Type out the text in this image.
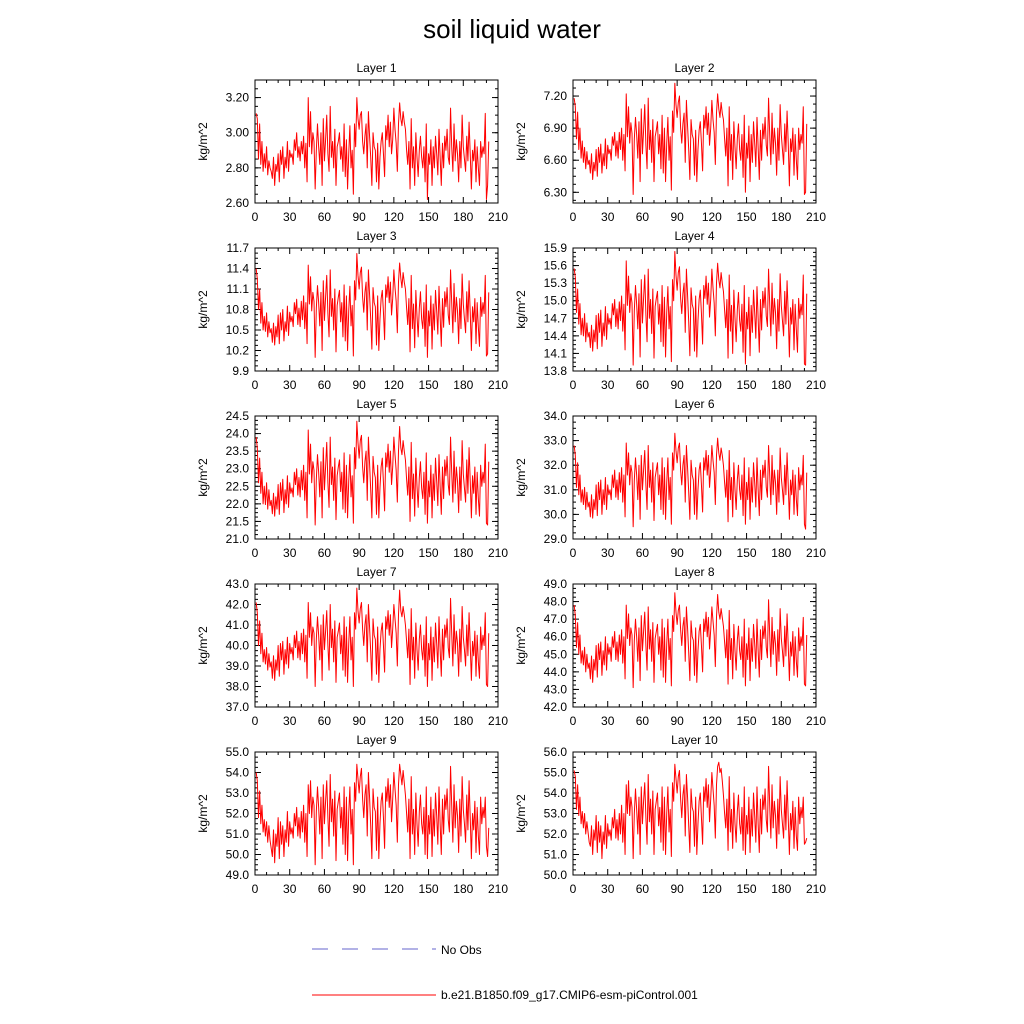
soil liquid water
Layer 1
0 30 60 90 120 150 180 210
2.60
2.80
3.00
3.20
kg/m^2
Layer 2
0 30 60 90 120 150 180 210
6.30
6.60
6.90
7.20
kg/m^2
Layer 3
0 30 60 90 120 150 180 210
9.9
10.2
10.5
10.8
11.1
11.4
11.7
kg/m^2
Layer 4
0 30 60 90 120 150 180 210
13.8
14.1
14.4
14.7
15.0
15.3
15.6
15.9
kg/m^2
Layer 5
0 30 60 90 120 150 180 210
21.0
21.5
22.0
22.5
23.0
23.5
24.0
24.5
kg/m^2
Layer 6
0 30 60 90 120 150 180 210
29.0
30.0
31.0
32.0
33.0
34.0
kg/m^2
Layer 7
0 30 60 90 120 150 180 210
37.0
38.0
39.0
40.0
41.0
42.0
43.0
kg/m^2
Layer 8
0 30 60 90 120 150 180 210
42.0
43.0
44.0
45.0
46.0
47.0
48.0
49.0
kg/m^2
Layer 9
0 30 60 90 120 150 180 210
49.0
50.0
51.0
52.0
53.0
54.0
55.0
kg/m^2
Layer 10
0 30 60 90 120 150 180 210
50.0
51.0
52.0
53.0
54.0
55.0
56.0
kg/m^2
No Obs
b.e21.B1850.f09_g17.CMIP6-esm-piControl.001
